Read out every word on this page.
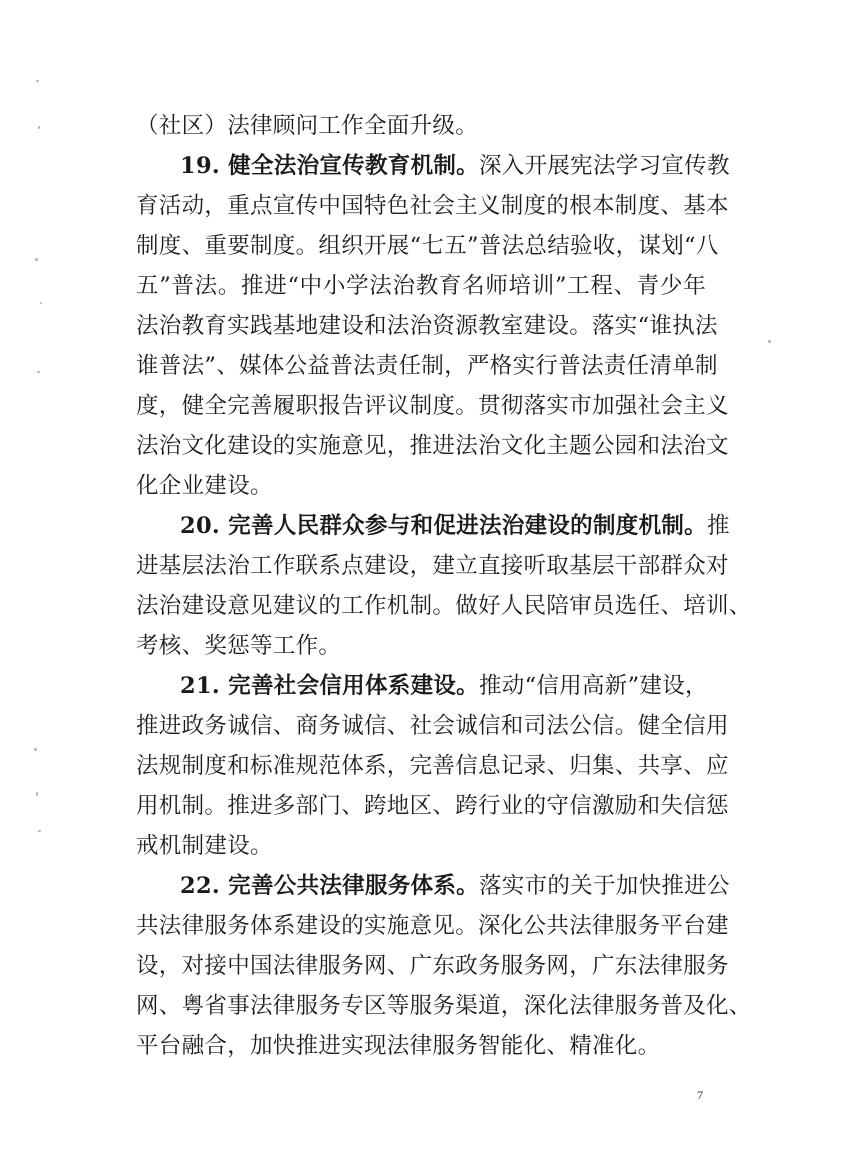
（社区）法律顾问工作全面升级。
19. 健全法治宣传教育机制。深入开展宪法学习宣传教
育活动，重点宣传中国特色社会主义制度的根本制度、基本
制度、重要制度。组织开展“七五”普法总结验收，谋划“八
五”普法。推进“中小学法治教育名师培训”工程、青少年
法治教育实践基地建设和法治资源教室建设。落实“谁执法
谁普法”、媒体公益普法责任制，严格实行普法责任清单制
度，健全完善履职报告评议制度。贯彻落实市加强社会主义
法治文化建设的实施意见，推进法治文化主题公园和法治文
化企业建设。
20. 完善人民群众参与和促进法治建设的制度机制。推
进基层法治工作联系点建设，建立直接听取基层干部群众对
法治建设意见建议的工作机制。做好人民陪审员选任、培训、
考核、奖惩等工作。
21. 完善社会信用体系建设。推动“信用高新”建设，
推进政务诚信、商务诚信、社会诚信和司法公信。健全信用
法规制度和标准规范体系，完善信息记录、归集、共享、应
用机制。推进多部门、跨地区、跨行业的守信激励和失信惩
戒机制建设。
22. 完善公共法律服务体系。落实市的关于加快推进公
共法律服务体系建设的实施意见。深化公共法律服务平台建
设，对接中国法律服务网、广东政务服务网，广东法律服务
网、粤省事法律服务专区等服务渠道，深化法律服务普及化、
平台融合，加快推进实现法律服务智能化、精准化。
7
